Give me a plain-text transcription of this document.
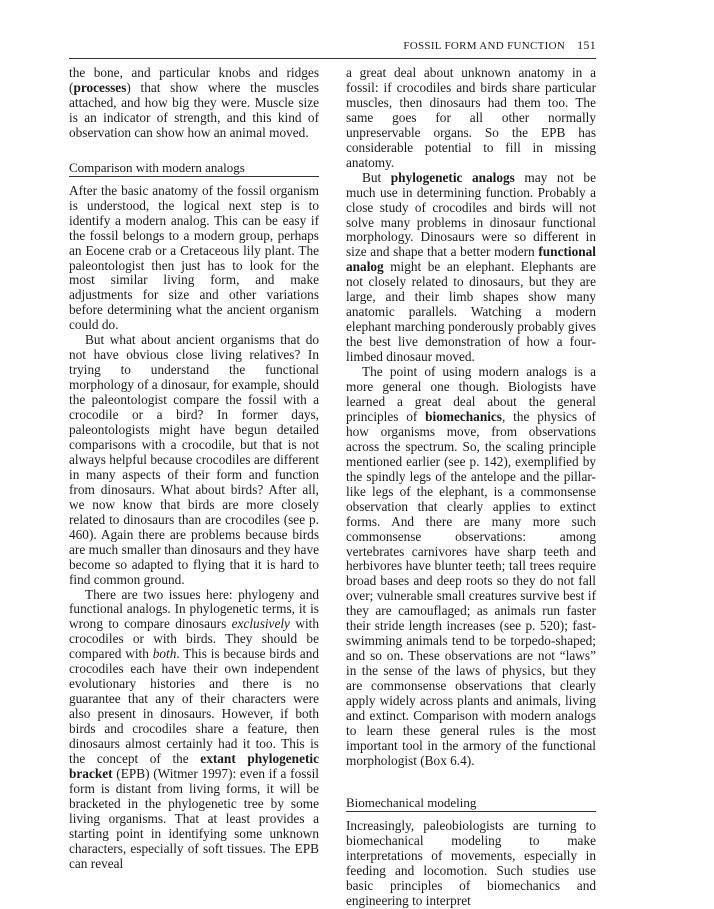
FOSSIL FORM AND FUNCTION 151

the bone, and particular knobs and ridges (processes) that show where the muscles attached, and how big they were. Muscle size is an indicator of strength, and this kind of observation can show how an animal moved.

Comparison with modern analogs

After the basic anatomy of the fossil organism is understood, the logical next step is to identify a modern analog. This can be easy if the fossil belongs to a modern group, perhaps an Eocene crab or a Cretaceous lily plant. The paleontologist then just has to look for the most similar living form, and make adjustments for size and other variations before determining what the ancient organism could do.

But what about ancient organisms that do not have obvious close living relatives? In trying to understand the functional morphology of a dinosaur, for example, should the paleontologist compare the fossil with a crocodile or a bird? In former days, paleontologists might have begun detailed comparisons with a crocodile, but that is not always helpful because crocodiles are different in many aspects of their form and function from dinosaurs. What about birds? After all, we now know that birds are more closely related to dinosaurs than are crocodiles (see p. 460). Again there are problems because birds are much smaller than dinosaurs and they have become so adapted to flying that it is hard to find common ground.

There are two issues here: phylogeny and functional analogs. In phylogenetic terms, it is wrong to compare dinosaurs exclusively with crocodiles or with birds. They should be compared with both. This is because birds and crocodiles each have their own independent evolutionary histories and there is no guarantee that any of their characters were also present in dinosaurs. However, if both birds and crocodiles share a feature, then dinosaurs almost certainly had it too. This is the concept of the extant phylogenetic bracket (EPB) (Witmer 1997): even if a fossil form is distant from living forms, it will be bracketed in the phylogenetic tree by some living organisms. That at least provides a starting point in identifying some unknown characters, especially of soft tissues. The EPB can reveal

a great deal about unknown anatomy in a fossil: if crocodiles and birds share particular muscles, then dinosaurs had them too. The same goes for all other normally unpreservable organs. So the EPB has considerable potential to fill in missing anatomy.

But phylogenetic analogs may not be much use in determining function. Probably a close study of crocodiles and birds will not solve many problems in dinosaur functional morphology. Dinosaurs were so different in size and shape that a better modern functional analog might be an elephant. Elephants are not closely related to dinosaurs, but they are large, and their limb shapes show many anatomic parallels. Watching a modern elephant marching ponderously probably gives the best live demonstration of how a four-limbed dinosaur moved.

The point of using modern analogs is a more general one though. Biologists have learned a great deal about the general principles of biomechanics, the physics of how organisms move, from observations across the spectrum. So, the scaling principle mentioned earlier (see p. 142), exemplified by the spindly legs of the antelope and the pillar-like legs of the elephant, is a commonsense observation that clearly applies to extinct forms. And there are many more such commonsense observations: among vertebrates carnivores have sharp teeth and herbivores have blunter teeth; tall trees require broad bases and deep roots so they do not fall over; vulnerable small creatures survive best if they are camouflaged; as animals run faster their stride length increases (see p. 520); fast-swimming animals tend to be torpedo-shaped; and so on. These observations are not “laws” in the sense of the laws of physics, but they are commonsense observations that clearly apply widely across plants and animals, living and extinct. Comparison with modern analogs to learn these general rules is the most important tool in the armory of the functional morphologist (Box 6.4).

Biomechanical modeling

Increasingly, paleobiologists are turning to biomechanical modeling to make interpretations of movements, especially in feeding and locomotion. Such studies use basic principles of biomechanics and engineering to interpret
